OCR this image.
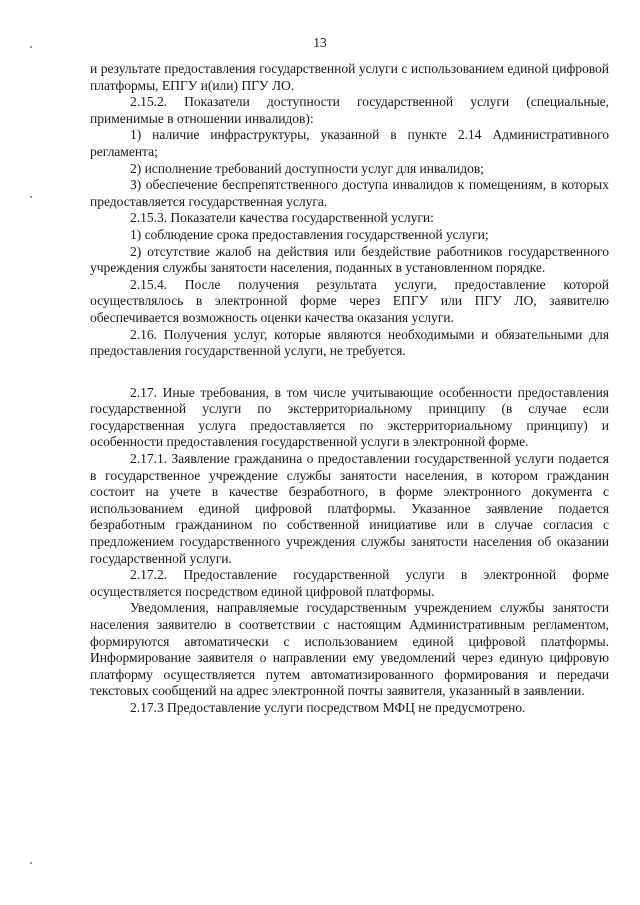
13

и результате предоставления государственной услуги с использованием единой цифровой платформы, ЕПГУ и(или) ПГУ ЛО.

2.15.2. Показатели доступности государственной услуги (специальные, применимые в отношении инвалидов):

1) наличие инфраструктуры, указанной в пункте 2.14 Административного регламента;

2) исполнение требований доступности услуг для инвалидов;

3) обеспечение беспрепятственного доступа инвалидов к помещениям, в которых предоставляется государственная услуга.

2.15.3. Показатели качества государственной услуги:

1) соблюдение срока предоставления государственной услуги;

2) отсутствие жалоб на действия или бездействие работников государственного учреждения службы занятости населения, поданных в установленном порядке.

2.15.4. После получения результата услуги, предоставление которой осуществлялось в электронной форме через ЕПГУ или ПГУ ЛО, заявителю обеспечивается возможность оценки качества оказания услуги.

2.16. Получения услуг, которые являются необходимыми и обязательными для предоставления государственной услуги, не требуется.

2.17. Иные требования, в том числе учитывающие особенности предоставления государственной услуги по экстерриториальному принципу (в случае если государственная услуга предоставляется по экстерриториальному принципу) и особенности предоставления государственной услуги в электронной форме.

2.17.1. Заявление гражданина о предоставлении государственной услуги подается в государственное учреждение службы занятости населения, в котором гражданин состоит на учете в качестве безработного, в форме электронного документа с использованием единой цифровой платформы. Указанное заявление подается безработным гражданином по собственной инициативе или в случае согласия с предложением государственного учреждения службы занятости населения об оказании государственной услуги.

2.17.2. Предоставление государственной услуги в электронной форме осуществляется посредством единой цифровой платформы.

Уведомления, направляемые государственным учреждением службы занятости населения заявителю в соответствии с настоящим Административным регламентом, формируются автоматически с использованием единой цифровой платформы. Информирование заявителя о направлении ему уведомлений через единую цифровую платформу осуществляется путем автоматизированного формирования и передачи текстовых сообщений на адрес электронной почты заявителя, указанный в заявлении.

2.17.3 Предоставление услуги посредством МФЦ не предусмотрено.
